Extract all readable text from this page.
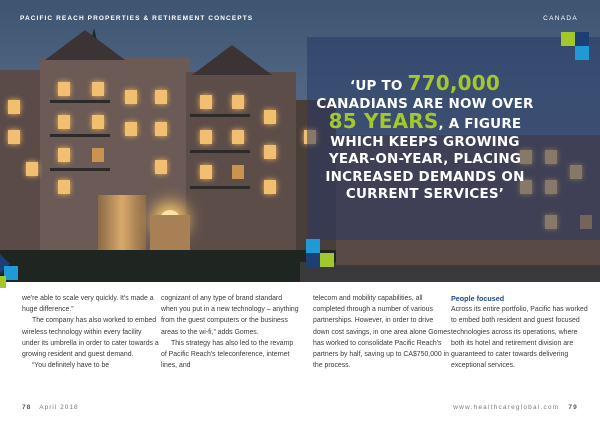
PACIFIC REACH PROPERTIES & RETIREMENT CONCEPTS	CANADA
‘UP TO 770,000
CANADIANS ARE NOW OVER
85 YEARS, A FIGURE WHICH KEEPS GROWING YEAR-ON-YEAR, PLACING INCREASED DEMANDS ON CURRENT SERVICES’

we're able to scale very quickly. It's made a huge difference.”

The company has also worked to embed wireless technology within every facility under its umbrella in order to cater towards a growing resident and guest demand.

“You definitely have to be

cognizant of any type of brand standard when you put in a new technology – anything from the guest computers or the business areas to the wi-fi,” adds Gomes.

This strategy has also led to the revamp of Pacific Reach's teleconference, internet lines, and

telecom and mobility capabilities, all completed through a number of various partnerships. However, in order to drive down cost savings, in one area alone Gomes has worked to consolidate Pacific Reach's partners by half, saving up to CA$750,000 in the process.

People focused

Across its entire portfolio, Pacific has worked to embed both resident and guest focused technologies across its operations, where both its hotel and retirement division are guaranteed to cater towards delivering exceptional services.

78 April 2018	www.healthcareglobal.com 79
